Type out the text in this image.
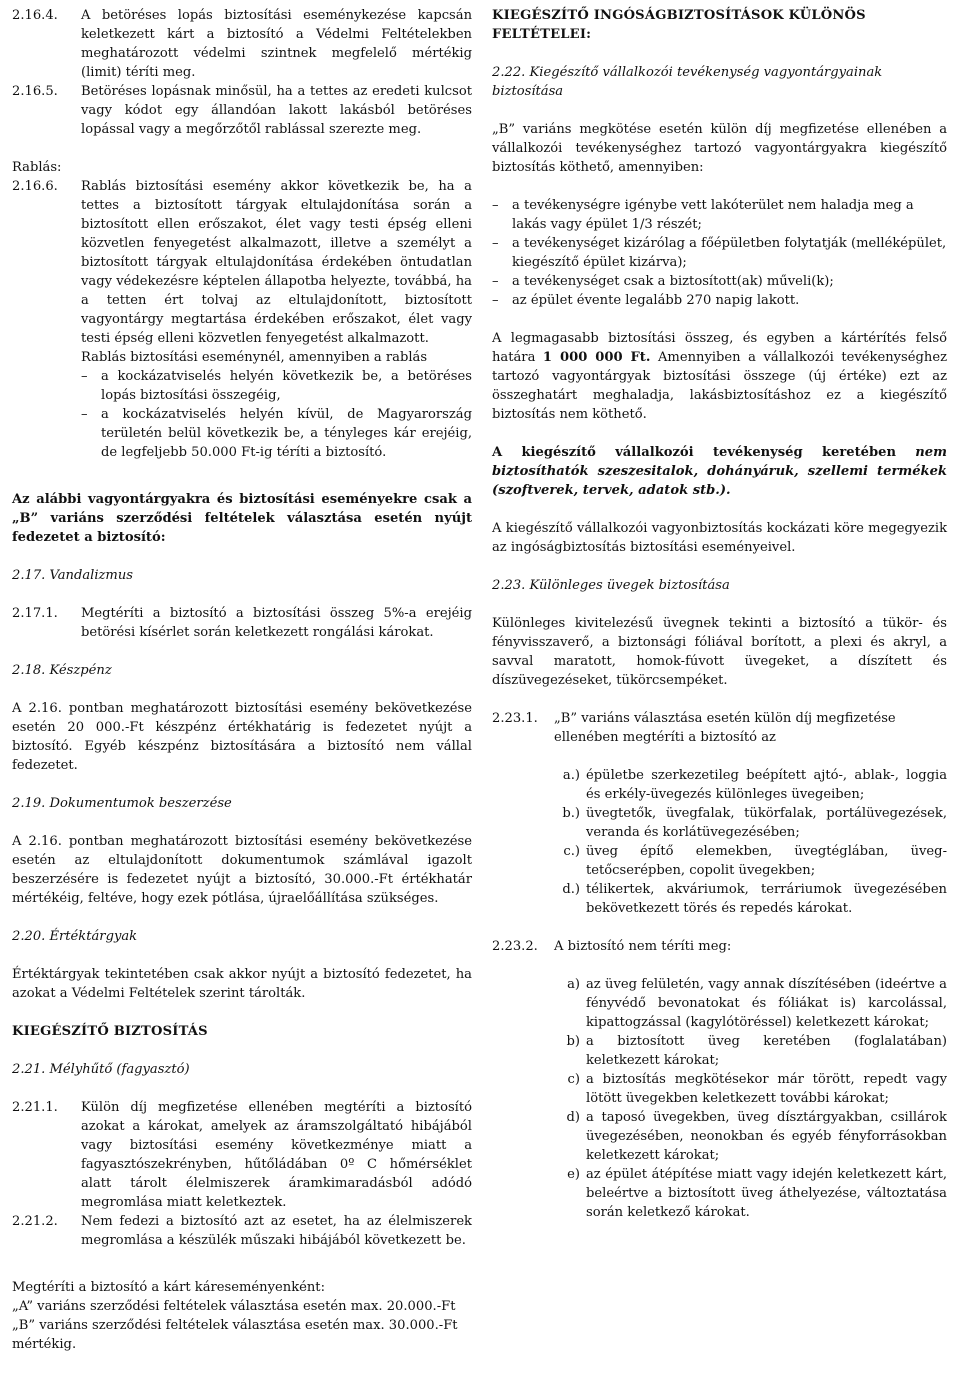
2.16.4.	A betöréses lopás biztosítási eseménykezése kapcsán keletkezett kárt a biztosító a Védelmi Feltételekben meghatározott védelmi szintnek megfelelő mértékig (limit) téríti meg.
2.16.5.	Betöréses lopásnak minősül, ha a tettes az eredeti kulcsot vagy kódot egy állandóan lakott lakásból betöréses lopással vagy a megőrzőtől rablással szerezte meg.

Rablás:

2.16.6.	Rablás biztosítási esemény akkor következik be, ha a tettes a biztosított tárgyak eltulajdonítása során a biztosított ellen erőszakot, élet vagy testi épség elleni közvetlen fenyegetést alkalmazott, illetve a személyt a biztosított tárgyak eltulajdonítása érdekében öntudatlan vagy védekezésre képtelen állapotba helyezte, továbbá, ha a tetten ért tolvaj az eltulajdonított, biztosított vagyontárgy megtartása érdekében erőszakot, élet vagy testi épség elleni közvetlen fenyegetést alkalmazott.

Rablás biztosítási eseménynél, amennyiben a rablás

–	a kockázatviselés helyén következik be, a betöréses lopás biztosítási összegéig,
–	a kockázatviselés helyén kívül, de Magyarország területén belül következik be, a tényleges kár erejéig, de legfeljebb 50.000 Ft-ig téríti a biztosító.

Az alábbi vagyontárgyakra és biztosítási eseményekre csak a „B” variáns szerződési feltételek választása esetén nyújt fedezetet a biztosító:

2.17. Vandalizmus

2.17.1.	Megtéríti a biztosító a biztosítási összeg 5%-a erejéig betörési kísérlet során keletkezett rongálási károkat.

2.18. Készpénz

A 2.16. pontban meghatározott biztosítási esemény bekövetkezése esetén 20 000.-Ft készpénz értékhatárig is fedezetet nyújt a biztosító. Egyéb készpénz biztosítására a biztosító nem vállal fedezetet.

2.19. Dokumentumok beszerzése

A 2.16. pontban meghatározott biztosítási esemény bekövetkezése esetén az eltulajdonított dokumentumok számlával igazolt beszerzésére is fedezetet nyújt a biztosító, 30.000.-Ft értékhatár mértékéig, feltéve, hogy ezek pótlása, újraelőállítása szükséges.

2.20. Értéktárgyak

Értéktárgyak tekintetében csak akkor nyújt a biztosító fedezetet, ha azokat a Védelmi Feltételek szerint tárolták.

KIEGÉSZÍTŐ BIZTOSÍTÁS

2.21. Mélyhűtő (fagyasztó)

2.21.1.	Külön díj megfizetése ellenében megtéríti a biztosító azokat a károkat, amelyek az áramszolgáltató hibájából vagy biztosítási esemény következménye miatt a fagyasztószekrényben, hűtőládában 0º C hőmérséklet alatt tárolt élelmiszerek áramkimaradásból adódó megromlása miatt keletkeztek.
2.21.2.	Nem fedezi a biztosító azt az esetet, ha az élelmiszerek megromlása a készülék műszaki hibájából következett be.

Megtéríti a biztosító a kárt káreseményenként:

„A” variáns szerződési feltételek választása esetén max. 20.000.-Ft

„B” variáns szerződési feltételek választása esetén max. 30.000.-Ft mértékig.

KIEGÉSZÍTŐ INGÓSÁGBIZTOSÍTÁSOK KÜLÖNÖS FELTÉTELEI:

2.22. Kiegészítő vállalkozói tevékenység vagyontárgyainak biztosítása

„B” variáns megkötése esetén külön díj megfizetése ellenében a vállalkozói tevékenységhez tartozó vagyontárgyakra kiegészítő biztosítás köthető, amennyiben:

–	a tevékenységre igénybe vett lakóterület nem haladja meg a lakás vagy épület 1/3 részét;
–	a tevékenységet kizárólag a főépületben folytatják (melléképület, kiegészítő épület kizárva);
–	a tevékenységet csak a biztosított(ak) műveli(k);
–	az épület évente legalább 270 napig lakott.

A legmagasabb biztosítási összeg, és egyben a kártérítés felső határa 1 000 000 Ft. Amennyiben a vállalkozói tevékenységhez tartozó vagyontárgyak biztosítási összege (új értéke) ezt az összeghatárt meghaladja, lakásbiztosításhoz ez a kiegészítő biztosítás nem köthető.

A kiegészítő vállalkozói tevékenység keretében nem biztosíthatók szeszesitalok, dohányáruk, szellemi termékek (szoftverek, tervek, adatok stb.).

A kiegészítő vállalkozói vagyonbiztosítás kockázati köre megegyezik az ingóságbiztosítás biztosítási eseményeivel.

2.23. Különleges üvegek biztosítása

Különleges kivitelezésű üvegnek tekinti a biztosító a tükör- és fényvisszaverő, a biztonsági fóliával borított, a plexi és akryl, a savval maratott, homok-fúvott üvegeket, a díszített és díszüvegezéseket, tükörcsempéket.

2.23.1.	„B” variáns választása esetén külön díj megfizetése ellenében megtéríti a biztosító az
a.) épületbe szerkezetileg beépített ajtó-, ablak-, loggia és erkély-üvegezés különleges üvegeiben;
b.) üvegtetők, üvegfalak, tükörfalak, portálüvegezések, veranda és korlátüvegezésében;
c.) üveg építő elemekben, üvegtéglában, üveg-tetőcserépben, copolit üvegekben;
d.) télikertek, akváriumok, terráriumok üvegezésében bekövetkezett törés és repedés károkat.
2.23.2.	A biztosító nem téríti meg:
a) az üveg felületén, vagy annak díszítésében (ideértve a fényvédő bevonatokat és fóliákat is) karcolással, kipattogzással (kagylótöréssel) keletkezett károkat;
b) a biztosított üveg keretében (foglalatában) keletkezett károkat;
c) a biztosítás megkötésekor már törött, repedt vagy lötött üvegekben keletkezett további károkat;
d) a taposó üvegekben, üveg dísztárgyakban, csillárok üvegezésében, neonokban és egyéb fényforrásokban keletkezett károkat;
e) az épület átépítése miatt vagy idején keletkezett kárt, beleértve a biztosított üveg áthelyezése, változtatása során keletkező károkat.
